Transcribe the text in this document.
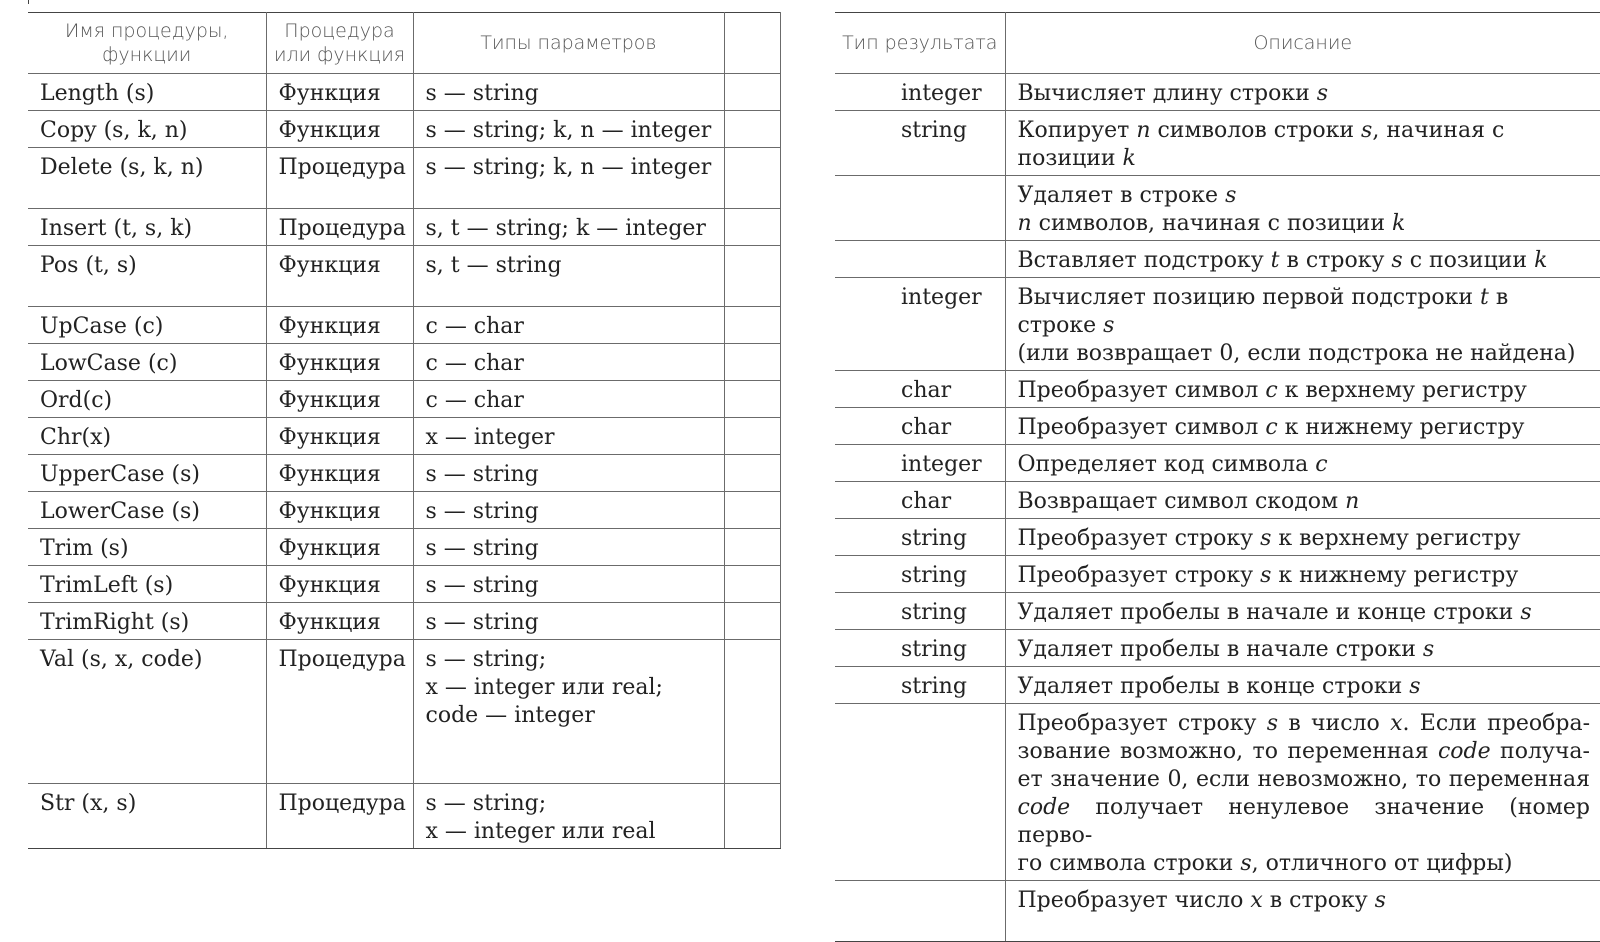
Имя процедуры, функции	Процедура или функция	Типы параметров	
Length (s)	Функция	s — string	

Copy (s, k, n)	Функция	s — string; k, n — integer	

Delete (s, k, n)	Процедура	s — string; k, n — integer	

Insert (t, s, k)	Процедура	s, t — string; k — integer	

Pos (t, s)	Функция	s, t — string	

UpCase (c)	Функция	c — char	

LowCase (c)	Функция	c — char	

Ord(c)	Функция	c — char	

Chr(x)	Функция	x — integer	

UpperCase (s)	Функция	s — string	

LowerCase (s)	Функция	s — string	

Trim (s)	Функция	s — string	

TrimLeft (s)	Функция	s — string	

TrimRight (s)	Функция	s — string	

Val (s, x, code)	Процедура	s — string;
x — integer или real;
code — integer	

Str (x, s)	Процедура	s — string;
x — integer или real	

Тип результата	Описание
integer	Вычисляет длину строки s

string	Копирует n символов строки s, начиная с позиции k

	Удаляет в строке s
n символов, начиная с позиции k

	Вставляет подстроку t в строку s с позиции k

integer	Вычисляет позицию первой подстроки t в строке s
(или возвращает 0, если подстрока не найдена)

char	Преобразует символ c к верхнему регистру

char	Преобразует символ c к нижнему регистру

integer	Определяет код символа c

char	Возвращает символ скодом n

string	Преобразует строку s к верхнему регистру

string	Преобразует строку s к нижнему регистру

string	Удаляет пробелы в начале и конце строки s

string	Удаляет пробелы в начале строки s

string	Удаляет пробелы в конце строки s

	Преобразует строку s в число x. Если преобра-
зование возможно, то переменная code получа-
ет значение 0, если невозможно, то переменная
code получает ненулевое значение (номер перво-
го символа строки s, отличного от цифры)

	Преобразует число x в строку s
